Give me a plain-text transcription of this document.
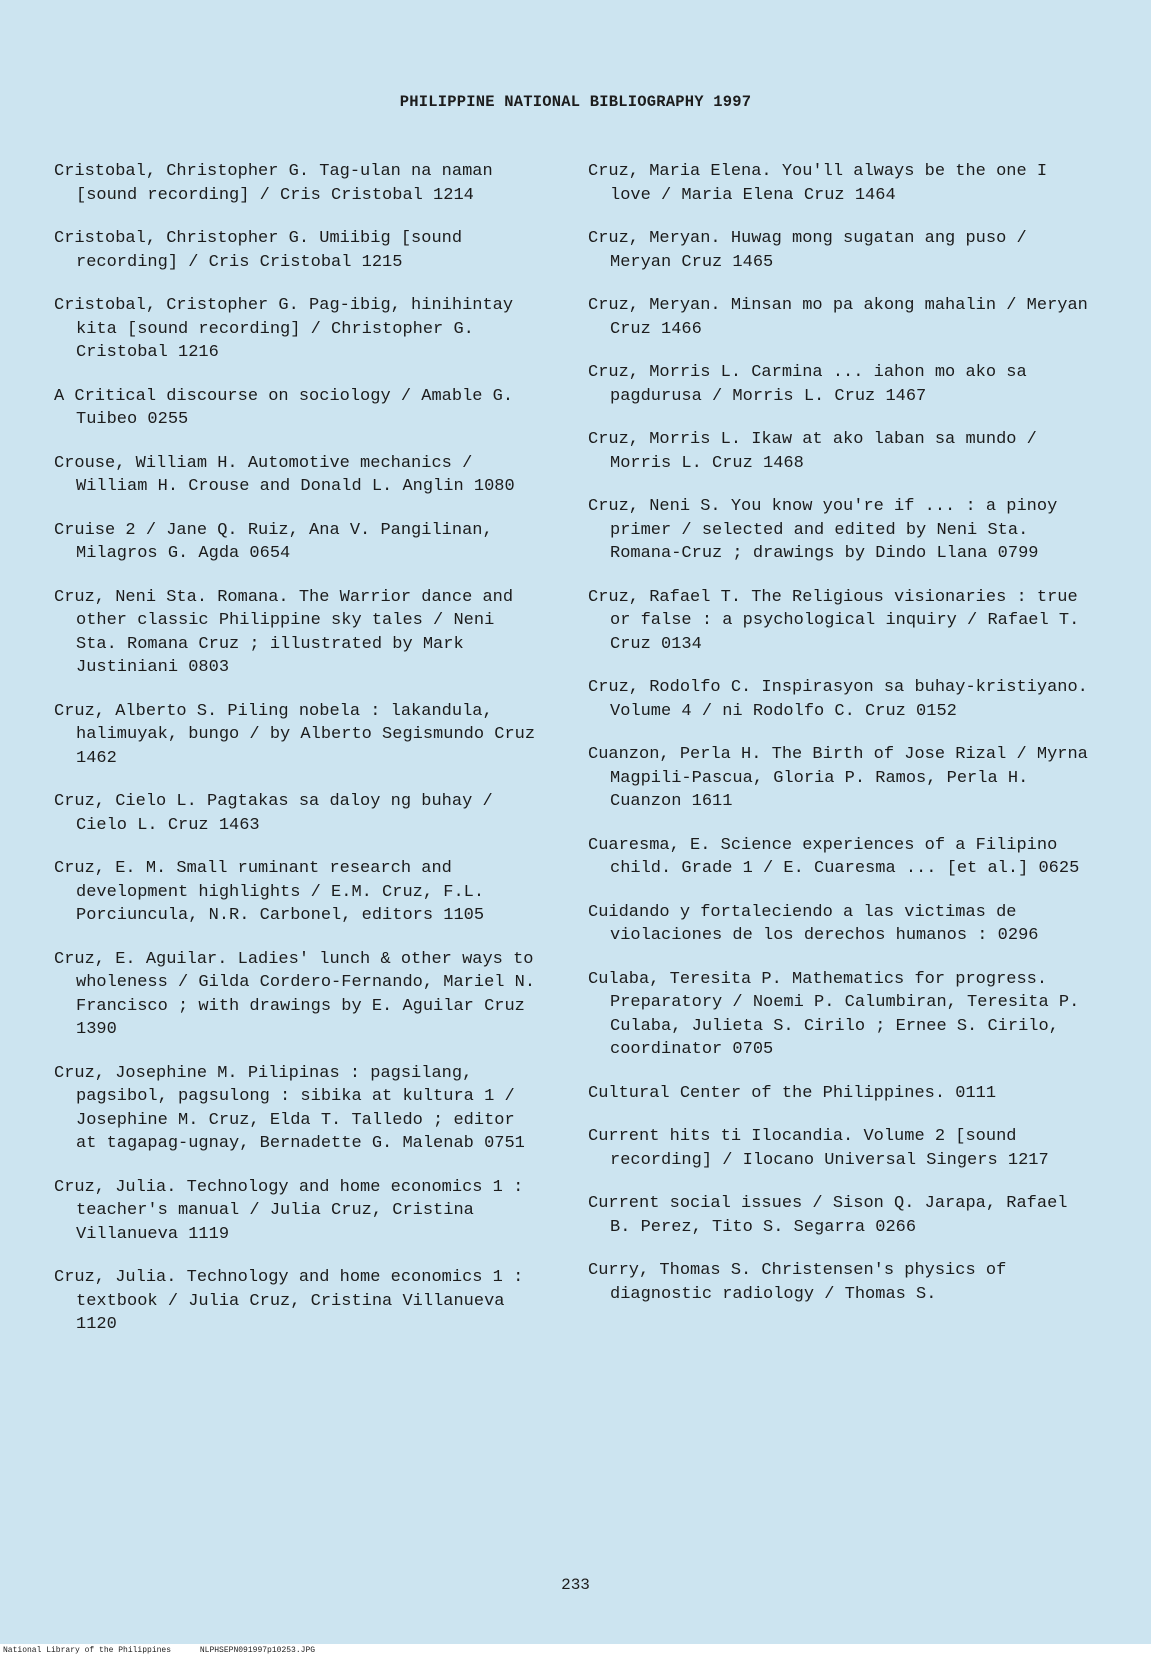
PHILIPPINE NATIONAL BIBLIOGRAPHY 1997

Cristobal, Christopher G. Tag-ulan na naman [sound recording] / Cris Cristobal 1214

Cristobal, Christopher G. Umiibig [sound recording] / Cris Cristobal 1215

Cristobal, Cristopher G. Pag-ibig, hinihintay kita [sound recording] / Christopher G. Cristobal 1216

A Critical discourse on sociology / Amable G. Tuibeo 0255

Crouse, William H. Automotive mechanics / William H. Crouse and Donald L. Anglin 1080

Cruise 2 / Jane Q. Ruiz, Ana V. Pangilinan, Milagros G. Agda 0654

Cruz, Neni Sta. Romana. The Warrior dance and other classic Philippine sky tales / Neni Sta. Romana Cruz ; illustrated by Mark Justiniani 0803

Cruz, Alberto S. Piling nobela : lakandula, halimuyak, bungo / by Alberto Segismundo Cruz 1462

Cruz, Cielo L. Pagtakas sa daloy ng buhay / Cielo L. Cruz 1463

Cruz, E. M. Small ruminant research and development highlights / E.M. Cruz, F.L. Porciuncula, N.R. Carbonel, editors 1105

Cruz, E. Aguilar. Ladies' lunch & other ways to wholeness / Gilda Cordero-Fernando, Mariel N. Francisco ; with drawings by E. Aguilar Cruz 1390

Cruz, Josephine M. Pilipinas : pagsilang, pagsibol, pagsulong : sibika at kultura 1 / Josephine M. Cruz, Elda T. Talledo ; editor at tagapag-ugnay, Bernadette G. Malenab 0751

Cruz, Julia. Technology and home economics 1 : teacher's manual / Julia Cruz, Cristina Villanueva 1119

Cruz, Julia. Technology and home economics 1 : textbook / Julia Cruz, Cristina Villanueva 1120

Cruz, Maria Elena. You'll always be the one I love / Maria Elena Cruz 1464

Cruz, Meryan. Huwag mong sugatan ang puso / Meryan Cruz 1465

Cruz, Meryan. Minsan mo pa akong mahalin / Meryan Cruz 1466

Cruz, Morris L. Carmina ... iahon mo ako sa pagdurusa / Morris L. Cruz 1467

Cruz, Morris L. Ikaw at ako laban sa mundo / Morris L. Cruz 1468

Cruz, Neni S. You know you're if ... : a pinoy primer / selected and edited by Neni Sta. Romana-Cruz ; drawings by Dindo Llana 0799

Cruz, Rafael T. The Religious visionaries : true or false : a psychological inquiry / Rafael T. Cruz 0134

Cruz, Rodolfo C. Inspirasyon sa buhay-kristiyano. Volume 4 / ni Rodolfo C. Cruz 0152

Cuanzon, Perla H. The Birth of Jose Rizal / Myrna Magpili-Pascua, Gloria P. Ramos, Perla H. Cuanzon 1611

Cuaresma, E. Science experiences of a Filipino child. Grade 1 / E. Cuaresma ... [et al.] 0625

Cuidando y fortaleciendo a las victimas de violaciones de los derechos humanos : 0296

Culaba, Teresita P. Mathematics for progress. Preparatory / Noemi P. Calumbiran, Teresita P. Culaba, Julieta S. Cirilo ; Ernee S. Cirilo, coordinator 0705

Cultural Center of the Philippines. 0111

Current hits ti Ilocandia. Volume 2 [sound recording] / Ilocano Universal Singers 1217

Current social issues / Sison Q. Jarapa, Rafael B. Perez, Tito S. Segarra 0266

Curry, Thomas S. Christensen's physics of diagnostic radiology / Thomas S.

233
National Library of the Philippines	NLPHSEPN091997p10253.JPG
